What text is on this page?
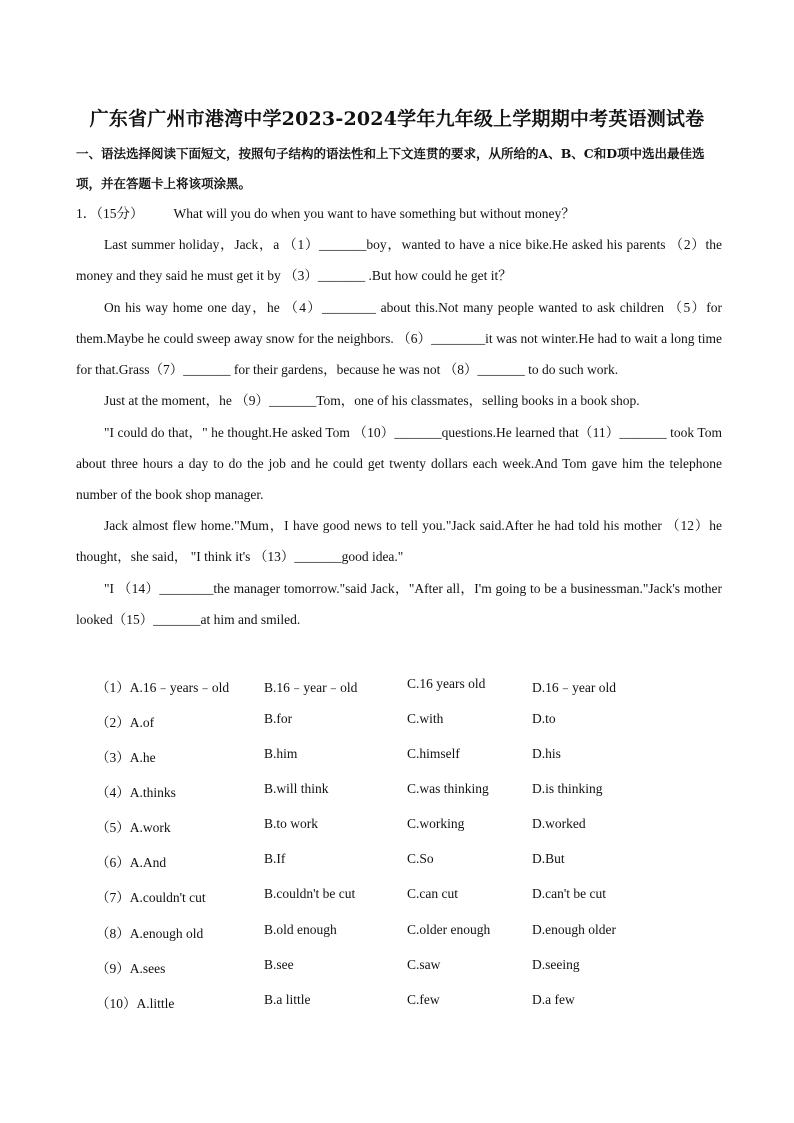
广东省广州市港湾中学2023-2024学年九年级上学期期中考英语测试卷
一、语法选择阅读下面短文，按照句子结构的语法性和上下文连贯的要求，从所给的A、B、C和D项中选出最佳选项，并在答题卡上将该项涂黑。
1．（15分） What will you do when you want to have something but without money？
Last summer holiday，Jack，a （1）_______boy，wanted to have a nice bike.He asked his parents （2）the money and they said he must get it by （3）_______ .But how could he get it？
On his way home one day，he （4）________ about this.Not many people wanted to ask children （5）for them.Maybe he could sweep away snow for the neighbors. （6）________it was not winter.He had to wait a long time for that.Grass（7）_______ for their gardens，because he was not （8）_______ to do such work.
Just at the moment，he （9）_______Tom，one of his classmates，selling books in a book shop.
"I could do that，" he thought.He asked Tom （10）_______questions.He learned that（11）_______ took Tom about three hours a day to do the job and he could get twenty dollars each week.And Tom gave him the telephone number of the book shop manager.
Jack almost flew home."Mum，I have good news to tell you."Jack said.After he had told his mother （12）he thought，she said， "I think it's （13）_______good idea."
"I （14）________the manager tomorrow."said Jack，"After all，I'm going to be a businessman."Jack's mother looked（15）_______at him and smiled.
（1）A.16﹣years﹣old	B.16﹣year﹣old	C.16 years old	D.16﹣year old
（2）A.of	B.for	C.with	D.to
（3）A.he	B.him	C.himself	D.his
（4）A.thinks	B.will think	C.was thinking	D.is thinking
（5）A.work	B.to work	C.working	D.worked
（6）A.And	B.If	C.So	D.But
（7）A.couldn't cut	B.couldn't be cut	C.can cut	D.can't be cut
（8）A.enough old	B.old enough	C.older enough	D.enough older
（9）A.sees	B.see	C.saw	D.seeing
（10）A.little	B.a little	C.few	D.a few
